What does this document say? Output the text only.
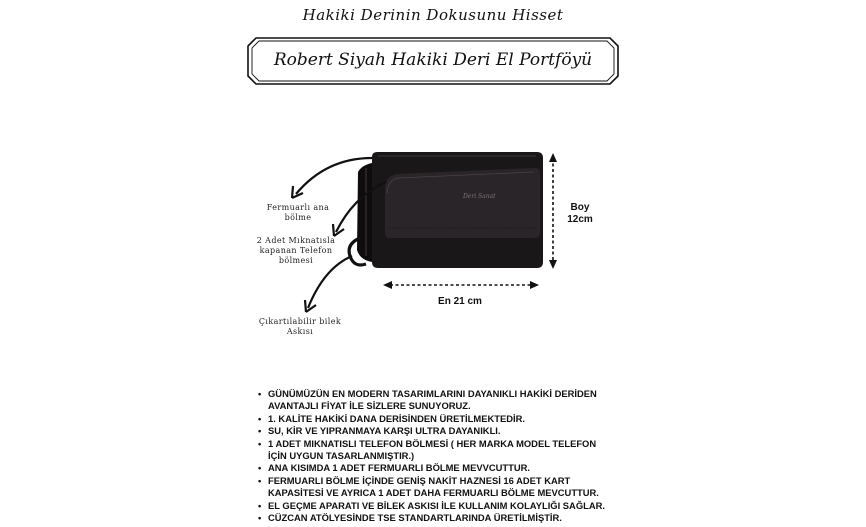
Hakiki Derinin Dokusunu Hisset
Robert Siyah Hakiki Deri El Portföyü
Deri Sanat
Fermuarlı ana
bölme
2 Adet Mıknatısla
kapanan Telefon
bölmesi
Çıkartılabilir bilek
Askısı
Boy
12cm
En 21 cm
• GÜNÜMÜZÜN EN MODERN TASARIMLARINI DAYANIKLI HAKİKİ DERİDEN
AVANTAJLI FİYAT İLE SİZLERE SUNUYORUZ.
• 1. KALİTE HAKİKİ DANA DERİSİNDEN ÜRETİLMEKTEDİR.
• SU, KİR VE YIPRANMAYA KARŞI ULTRA DAYANIKLI.
• 1 ADET MIKNATISLI TELEFON BÖLMESİ ( HER MARKA MODEL TELEFON
İÇİN UYGUN TASARLANMIŞTIR.)
• ANA KISIMDA 1 ADET FERMUARLI BÖLME MEVVCUTTUR.
• FERMUARLI BÖLME İÇİNDE GENİŞ NAKİT HAZNESİ 16 ADET KART
KAPASİTESİ VE AYRICA 1 ADET DAHA FERMUARLI BÖLME MEVCUTTUR.
• EL GEÇME APARATI VE BİLEK ASKISI İLE KULLANIM KOLAYLIĞI SAĞLAR.
• CÜZCAN ATÖLYESİNDE TSE STANDARTLARINDA ÜRETİLMİŞTİR.
